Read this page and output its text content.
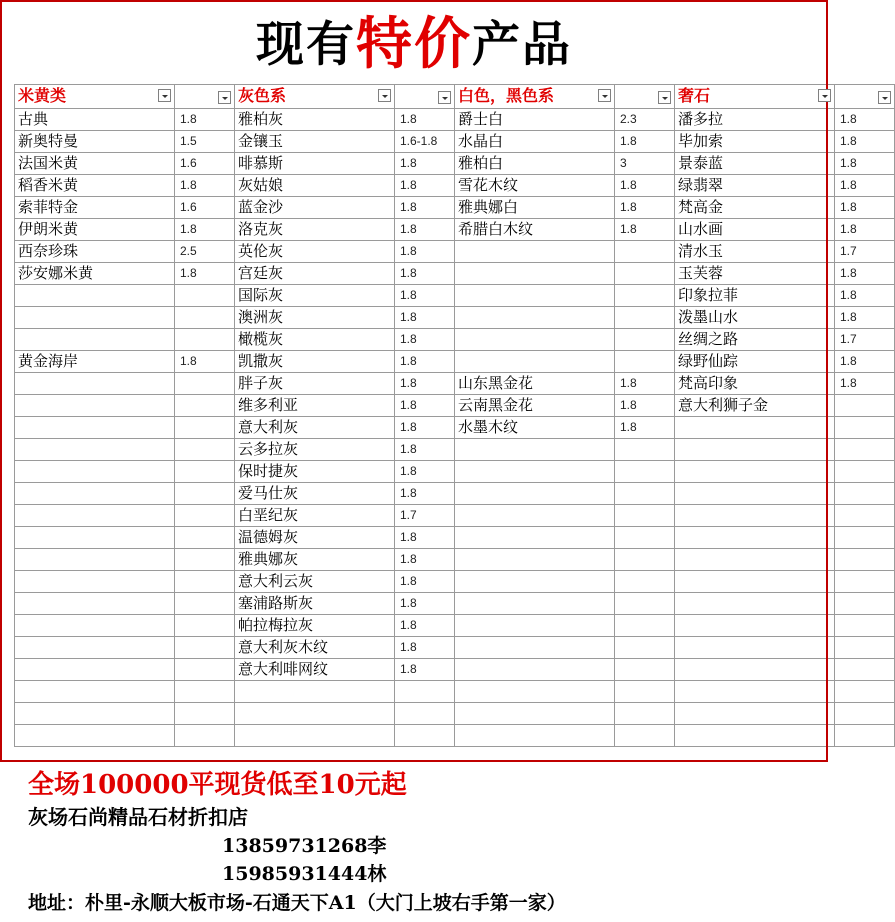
现有特价产品
米黄类		灰色系		白色，黑色系		奢石

古典	1.8	雅柏灰	1.8	爵士白	2.3	潘多拉	1.8
新奥特曼	1.5	金镶玉	1.6-1.8	水晶白	1.8	毕加索	1.8
法国米黄	1.6	啡慕斯	1.8	雅柏白	3	景泰蓝	1.8
稻香米黄	1.8	灰姑娘	1.8	雪花木纹	1.8	绿翡翠	1.8
索菲特金	1.6	蓝金沙	1.8	雅典娜白	1.8	梵高金	1.8
伊朗米黄	1.8	洛克灰	1.8	希腊白木纹	1.8	山水画	1.8
西奈珍珠	2.5	英伦灰	1.8			清水玉	1.7
莎安娜米黄	1.8	宫廷灰	1.8			玉芙蓉	1.8
		国际灰	1.8			印象拉菲	1.8
		澳洲灰	1.8			泼墨山水	1.8
		橄榄灰	1.8			丝绸之路	1.7
黄金海岸	1.8	凯撒灰	1.8			绿野仙踪	1.8
		胖子灰	1.8	山东黑金花	1.8	梵高印象	1.8
		维多利亚	1.8	云南黑金花	1.8	意大利狮子金	
		意大利灰	1.8	水墨木纹	1.8		
		云多拉灰	1.8				
		保时捷灰	1.8				
		爱马仕灰	1.8				
		白垩纪灰	1.7				
		温德姆灰	1.8				
		雅典娜灰	1.8				
		意大利云灰	1.8				
		塞浦路斯灰	1.8				
		帕拉梅拉灰	1.8				
		意大利灰木纹	1.8				
		意大利啡网纹	1.8				

全场100000平现货低至10元起
灰场石尚精品石材折扣店
13859731268李
15985931444林
地址：朴里-永顺大板市场-石通天下A1（大门上坡右手第一家）
